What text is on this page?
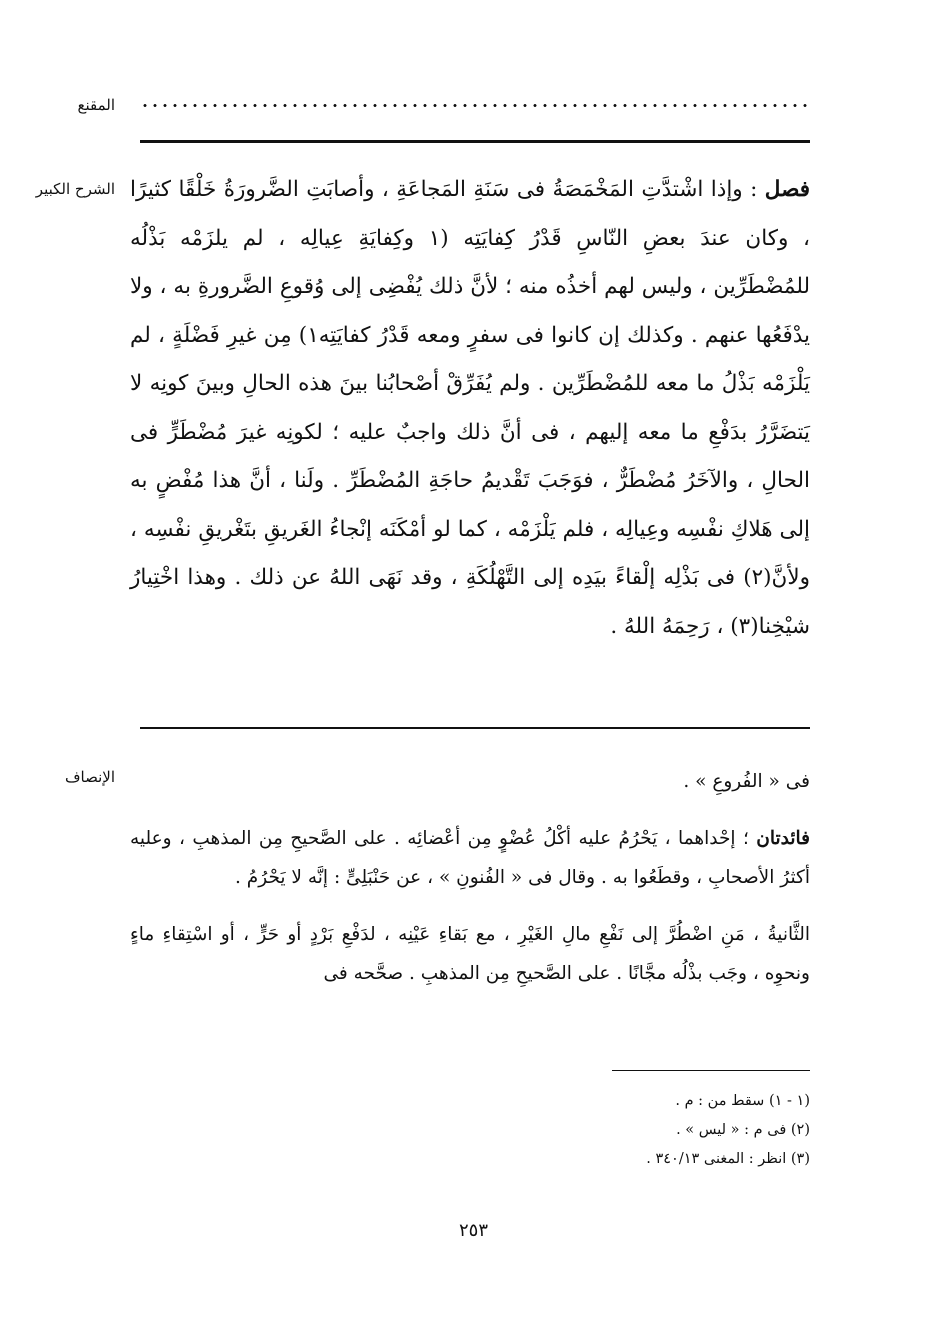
المقنع
الشرح الكبير	فصل : وإذا اشْتدَّتِ المَخْمَصَةُ فى سَنَةِ المَجاعَةِ ، وأصابَتِ الضَّرورَةُ خَلْقًا كثيرًا ، وكان عندَ بعضِ النّاسِ قَدْرُ كِفايَتِه (١ وكِفايَةِ عِيالِه ، لم يلزَمْه بَذْلُه للمُضْطَرِّين ، وليس لهم أخذُه منه ؛ لأنَّ ذلك يُفْضِى إلى وُقوعِ الضَّرورةِ به ، ولا يدْفَعُها عنهم . وكذلك إن كانوا فى سفرٍ ومعه قَدْرُ كفايَتِه١) مِن غيرِ فَضْلَةٍ ، لم يَلْزَمْه بَذْلُ ما معه للمُضْطَرِّين . ولم يُفَرِّقْ أصْحابُنا بينَ هذه الحالِ وبينَ كونِه لا يَتضَرَّرُ بدَفْعِ ما معه إليهم ، فى أنَّ ذلك واجبٌ عليه ؛ لكونِه غيرَ مُضْطَرٍّ فى الحالِ ، والآخَرُ مُضْطَرٌّ ، فوَجَبَ تَقْديمُ حاجَةِ المُضْطَرِّ . ولَنا ، أنَّ هذا مُفْضٍ به إلى هَلاكِ نفْسِه وعِيالِه ، فلم يَلْزَمْه ، كما لو أمْكَنَه إنْجاءُ الغَريقِ بتَغْريقِ نفْسِه ، ولأنَّ(٢) فى بَذْلِه إلْقاءً بيَدِه إلى التَّهْلُكَةِ ، وقد نَهَى اللهُ عن ذلك . وهذا اخْتِيارُ شيْخِنا(٣) ، رَحِمَهُ اللهُ .

الإنصاف	فى « الفُروعِ » .

فائدتان ؛ إحْداهما ، يَحْرُمُ عليه أكْلُ عُضْوٍ مِن أعْضائِه . على الصَّحيحِ مِن المذهبِ ، وعليه أكثرُ الأصحابِ ، وقطَعُوا به . وقال فى « الفُنونِ » ، عن حَنْبَلِىٍّ : إنَّه لا يَحْرُمُ .

الثَّانيةُ ، مَنِ اضْطُرَّ إلى نَفْعِ مالِ الغَيْرِ ، مع بَقاءِ عَيْنِه ، لدَفْعِ بَرْدٍ أو حَرٍّ ، أو اسْتِقاءِ ماءٍ ونحوِه ، وجَب بذْلُه مجَّانًا . على الصَّحيحِ مِن المذهبِ . صحَّحه فى

(١ - ١) سقط من : م .
(٢) فى م : « ليس » .
(٣) انظر : المغنى ٣٤٠/١٣ .
٢٥٣
